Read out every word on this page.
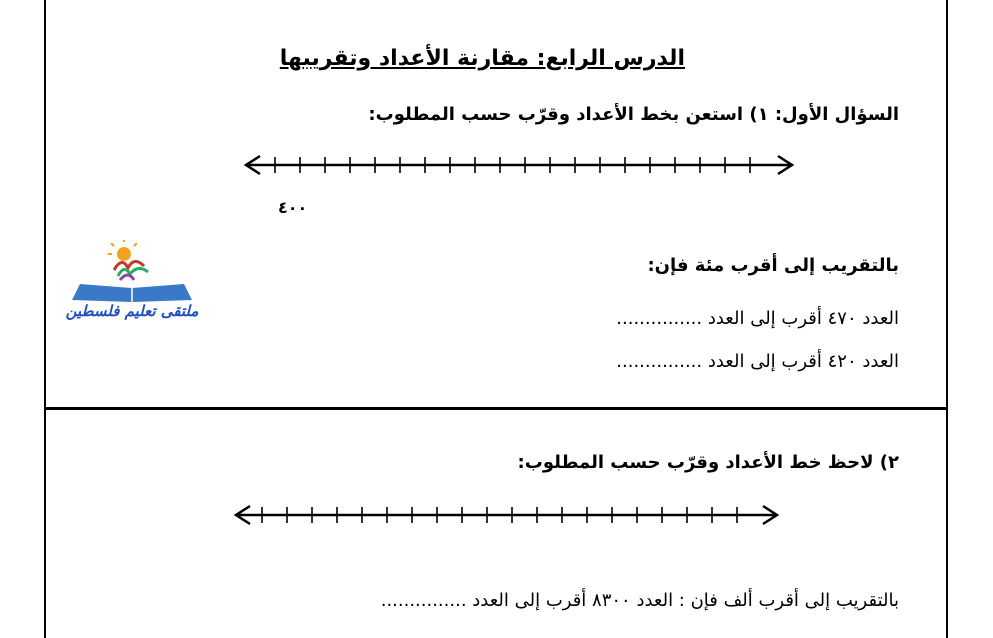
الدرس الرابع: مقارنة الأعداد وتقريبها
السؤال الأول: ١) استعن بخط الأعداد وقرّب حسب المطلوب:
٤٠٠
ملتقى تعليم فلسطين
بالتقريب إلى أقرب مئة فإن:
العدد ٤٧٠ أقرب إلى العدد ...............
العدد ٤٢٠ أقرب إلى العدد ...............
٢) لاحظ خط الأعداد وقرّب حسب المطلوب:
بالتقريب إلى أقرب ألف فإن : العدد ٨٣٠٠ أقرب إلى العدد ...............
